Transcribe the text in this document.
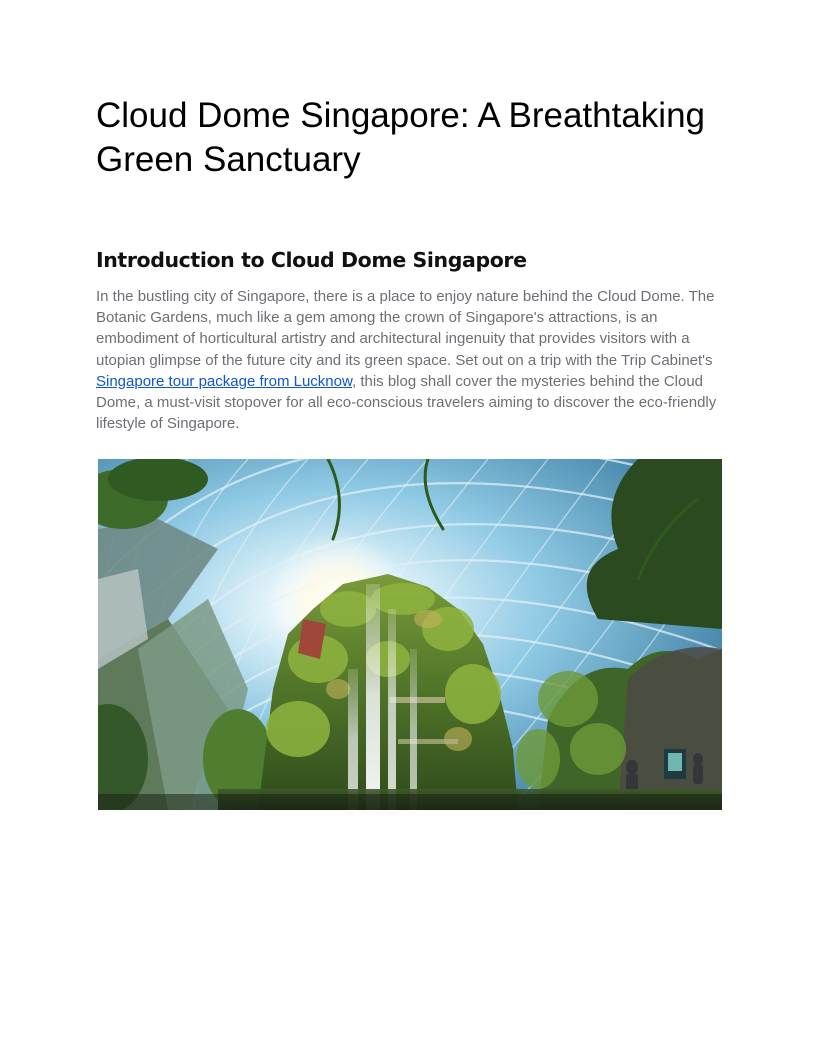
Cloud Dome Singapore: A Breathtaking Green Sanctuary
Introduction to Cloud Dome Singapore

In the bustling city of Singapore, there is a place to enjoy nature behind the Cloud Dome. The Botanic Gardens, much like a gem among the crown of Singapore's attractions, is an embodiment of horticultural artistry and architectural ingenuity that provides visitors with a utopian glimpse of the future city and its green space. Set out on a trip with the Trip Cabinet's Singapore tour package from Lucknow, this blog shall cover the mysteries behind the Cloud Dome, a must-visit stopover for all eco-conscious travelers aiming to discover the eco-friendly lifestyle of Singapore.
